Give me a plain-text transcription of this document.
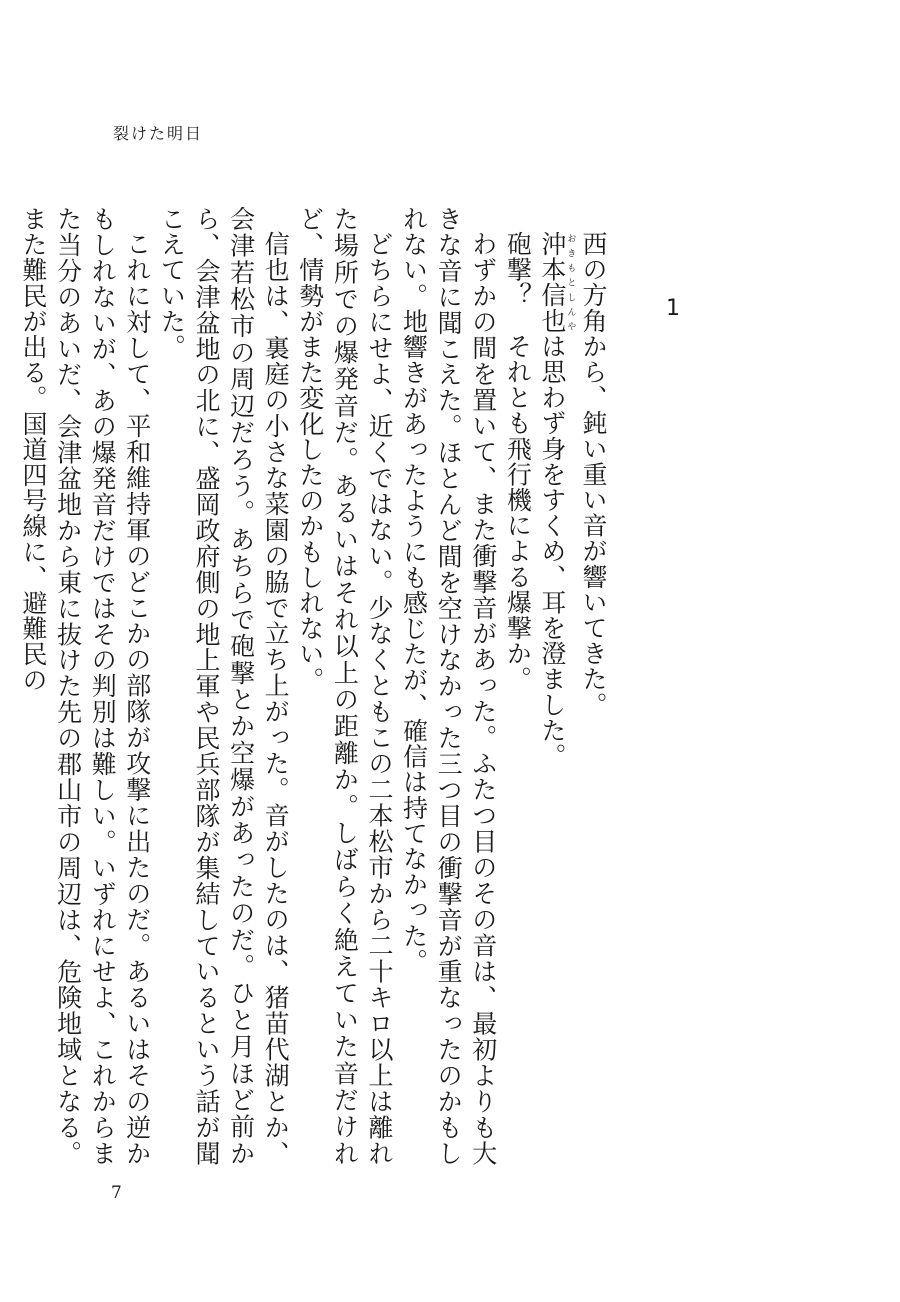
裂けた明日
1

西の方角から、鈍い重い音が響いてきた。

沖本信也おきもとしんやは思わず身をすくめ、耳を澄ました。

砲撃？　それとも飛行機による爆撃か。

わずかの間を置いて、また衝撃音があった。ふたつ目のその音は、最初よりも大きな音に聞こえた。ほとんど間を空けなかった三つ目の衝撃音が重なったのかもしれない。地響きがあったようにも感じたが、確信は持てなかった。

どちらにせよ、近くではない。少なくともこの二本松市から二十キロ以上は離れた場所での爆発音だ。あるいはそれ以上の距離か。しばらく絶えていた音だけれど、情勢がまた変化したのかもしれない。

信也は、裏庭の小さな菜園の脇で立ち上がった。音がしたのは、猪苗代湖とか、会津若松市の周辺だろう。あちらで砲撃とか空爆があったのだ。ひと月ほど前から、会津盆地の北に、盛岡政府側の地上軍や民兵部隊が集結しているという話が聞こえていた。

これに対して、平和維持軍のどこかの部隊が攻撃に出たのだ。あるいはその逆かもしれないが、あの爆発音だけではその判別は難しい。いずれにせよ、これからまた当分のあいだ、会津盆地から東に抜けた先の郡山市の周辺は、危険地域となる。また難民が出る。国道四号線に、避難民の

7
